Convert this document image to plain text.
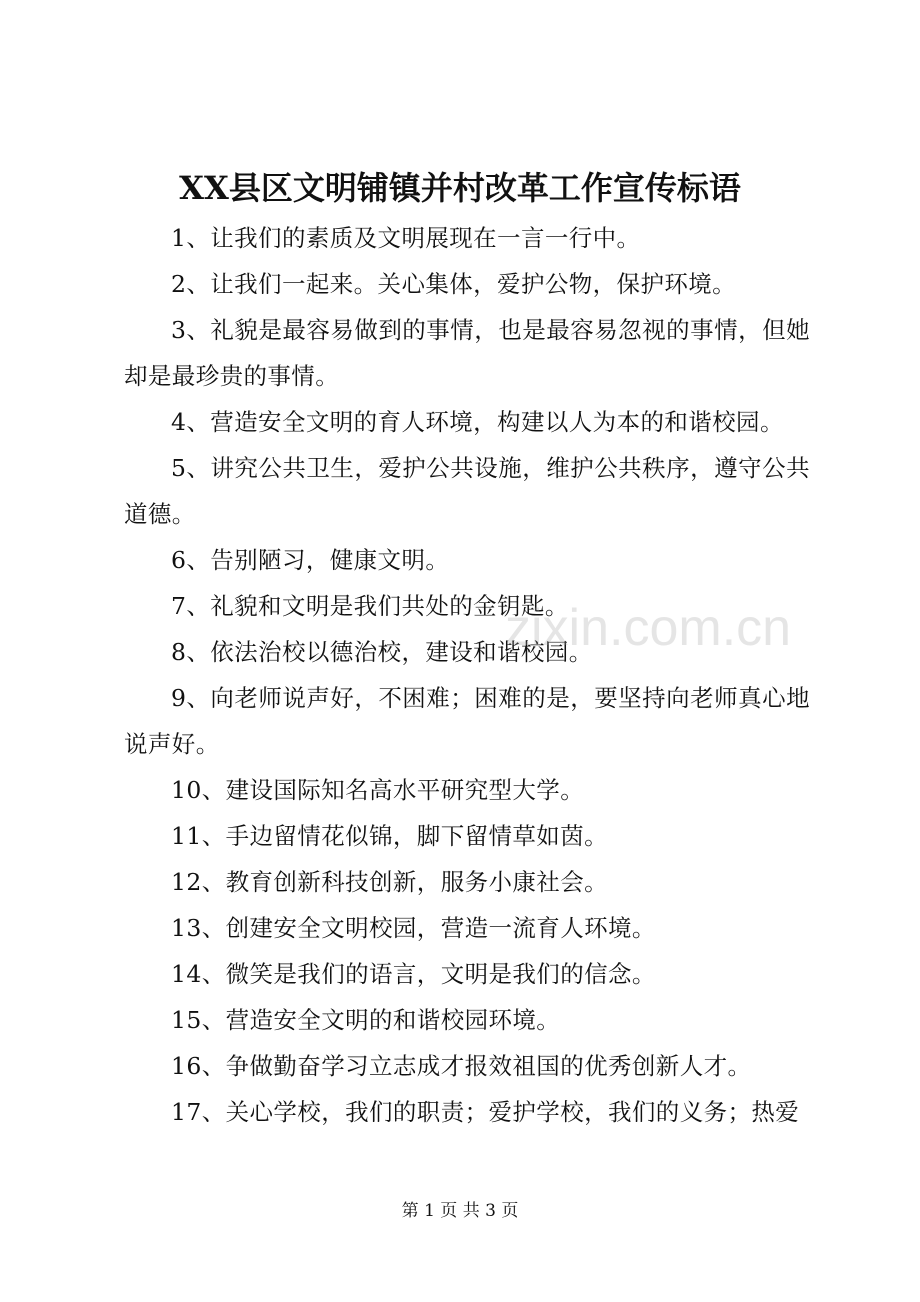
XX县区文明铺镇并村改革工作宣传标语

1、让我们的素质及文明展现在一言一行中。

2、让我们一起来。关心集体，爱护公物，保护环境。

3、礼貌是最容易做到的事情，也是最容易忽视的事情，但她却是最珍贵的事情。

4、营造安全文明的育人环境，构建以人为本的和谐校园。

5、讲究公共卫生，爱护公共设施，维护公共秩序，遵守公共道德。

6、告别陋习，健康文明。

7、礼貌和文明是我们共处的金钥匙。

8、依法治校以德治校，建设和谐校园。

9、向老师说声好，不困难；困难的是，要坚持向老师真心地说声好。

10、建设国际知名高水平研究型大学。

11、手边留情花似锦，脚下留情草如茵。

12、教育创新科技创新，服务小康社会。

13、创建安全文明校园，营造一流育人环境。

14、微笑是我们的语言，文明是我们的信念。

15、营造安全文明的和谐校园环境。

16、争做勤奋学习立志成才报效祖国的优秀创新人才。

17、关心学校，我们的职责；爱护学校，我们的义务；热爱

zixin.com.cn
第 1 页 共 3 页
